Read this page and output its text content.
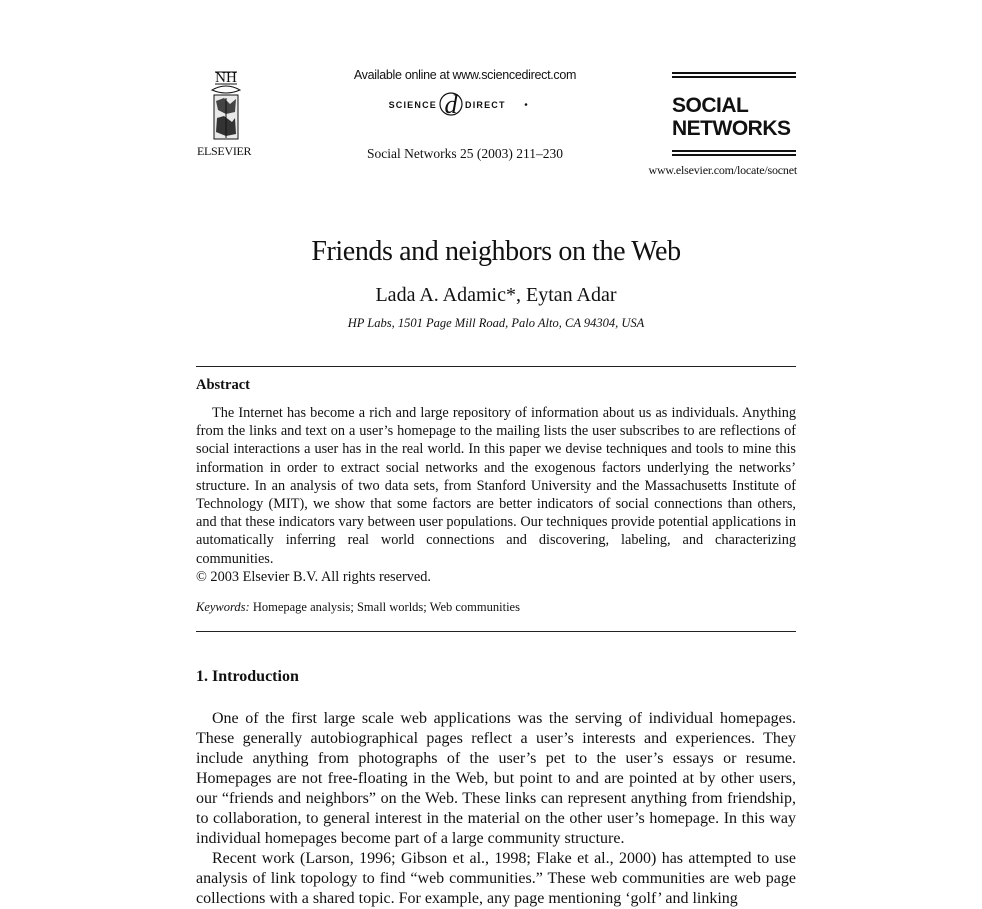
NH
ELSEVIER
Available online at www.sciencedirect.com
SCIENCE d DIRECT
Social Networks 25 (2003) 211–230
SOCIAL
NETWORKS
www.elsevier.com/locate/socnet
Friends and neighbors on the Web
Lada A. Adamic*, Eytan Adar
HP Labs, 1501 Page Mill Road, Palo Alto, CA 94304, USA
Abstract

The Internet has become a rich and large repository of information about us as individuals. Anything from the links and text on a user’s homepage to the mailing lists the user subscribes to are reflections of social interactions a user has in the real world. In this paper we devise techniques and tools to mine this information in order to extract social networks and the exogenous factors underlying the networks’ structure. In an analysis of two data sets, from Stanford University and the Massachusetts Institute of Technology (MIT), we show that some factors are better indicators of social connections than others, and that these indicators vary between user populations. Our techniques provide potential applications in automatically inferring real world connections and discovering, labeling, and characterizing communities.

© 2003 Elsevier B.V. All rights reserved.

Keywords: Homepage analysis; Small worlds; Web communities
1. Introduction

One of the first large scale web applications was the serving of individual homepages. These generally autobiographical pages reflect a user’s interests and experiences. They include anything from photographs of the user’s pet to the user’s essays or resume. Homepages are not free-floating in the Web, but point to and are pointed at by other users, our “friends and neighbors” on the Web. These links can represent anything from friendship, to collaboration, to general interest in the material on the other user’s homepage. In this way individual homepages become part of a large community structure.

Recent work (Larson, 1996; Gibson et al., 1998; Flake et al., 2000) has attempted to use analysis of link topology to find “web communities.” These web communities are web page collections with a shared topic. For example, any page mentioning ‘golf’ and linking
